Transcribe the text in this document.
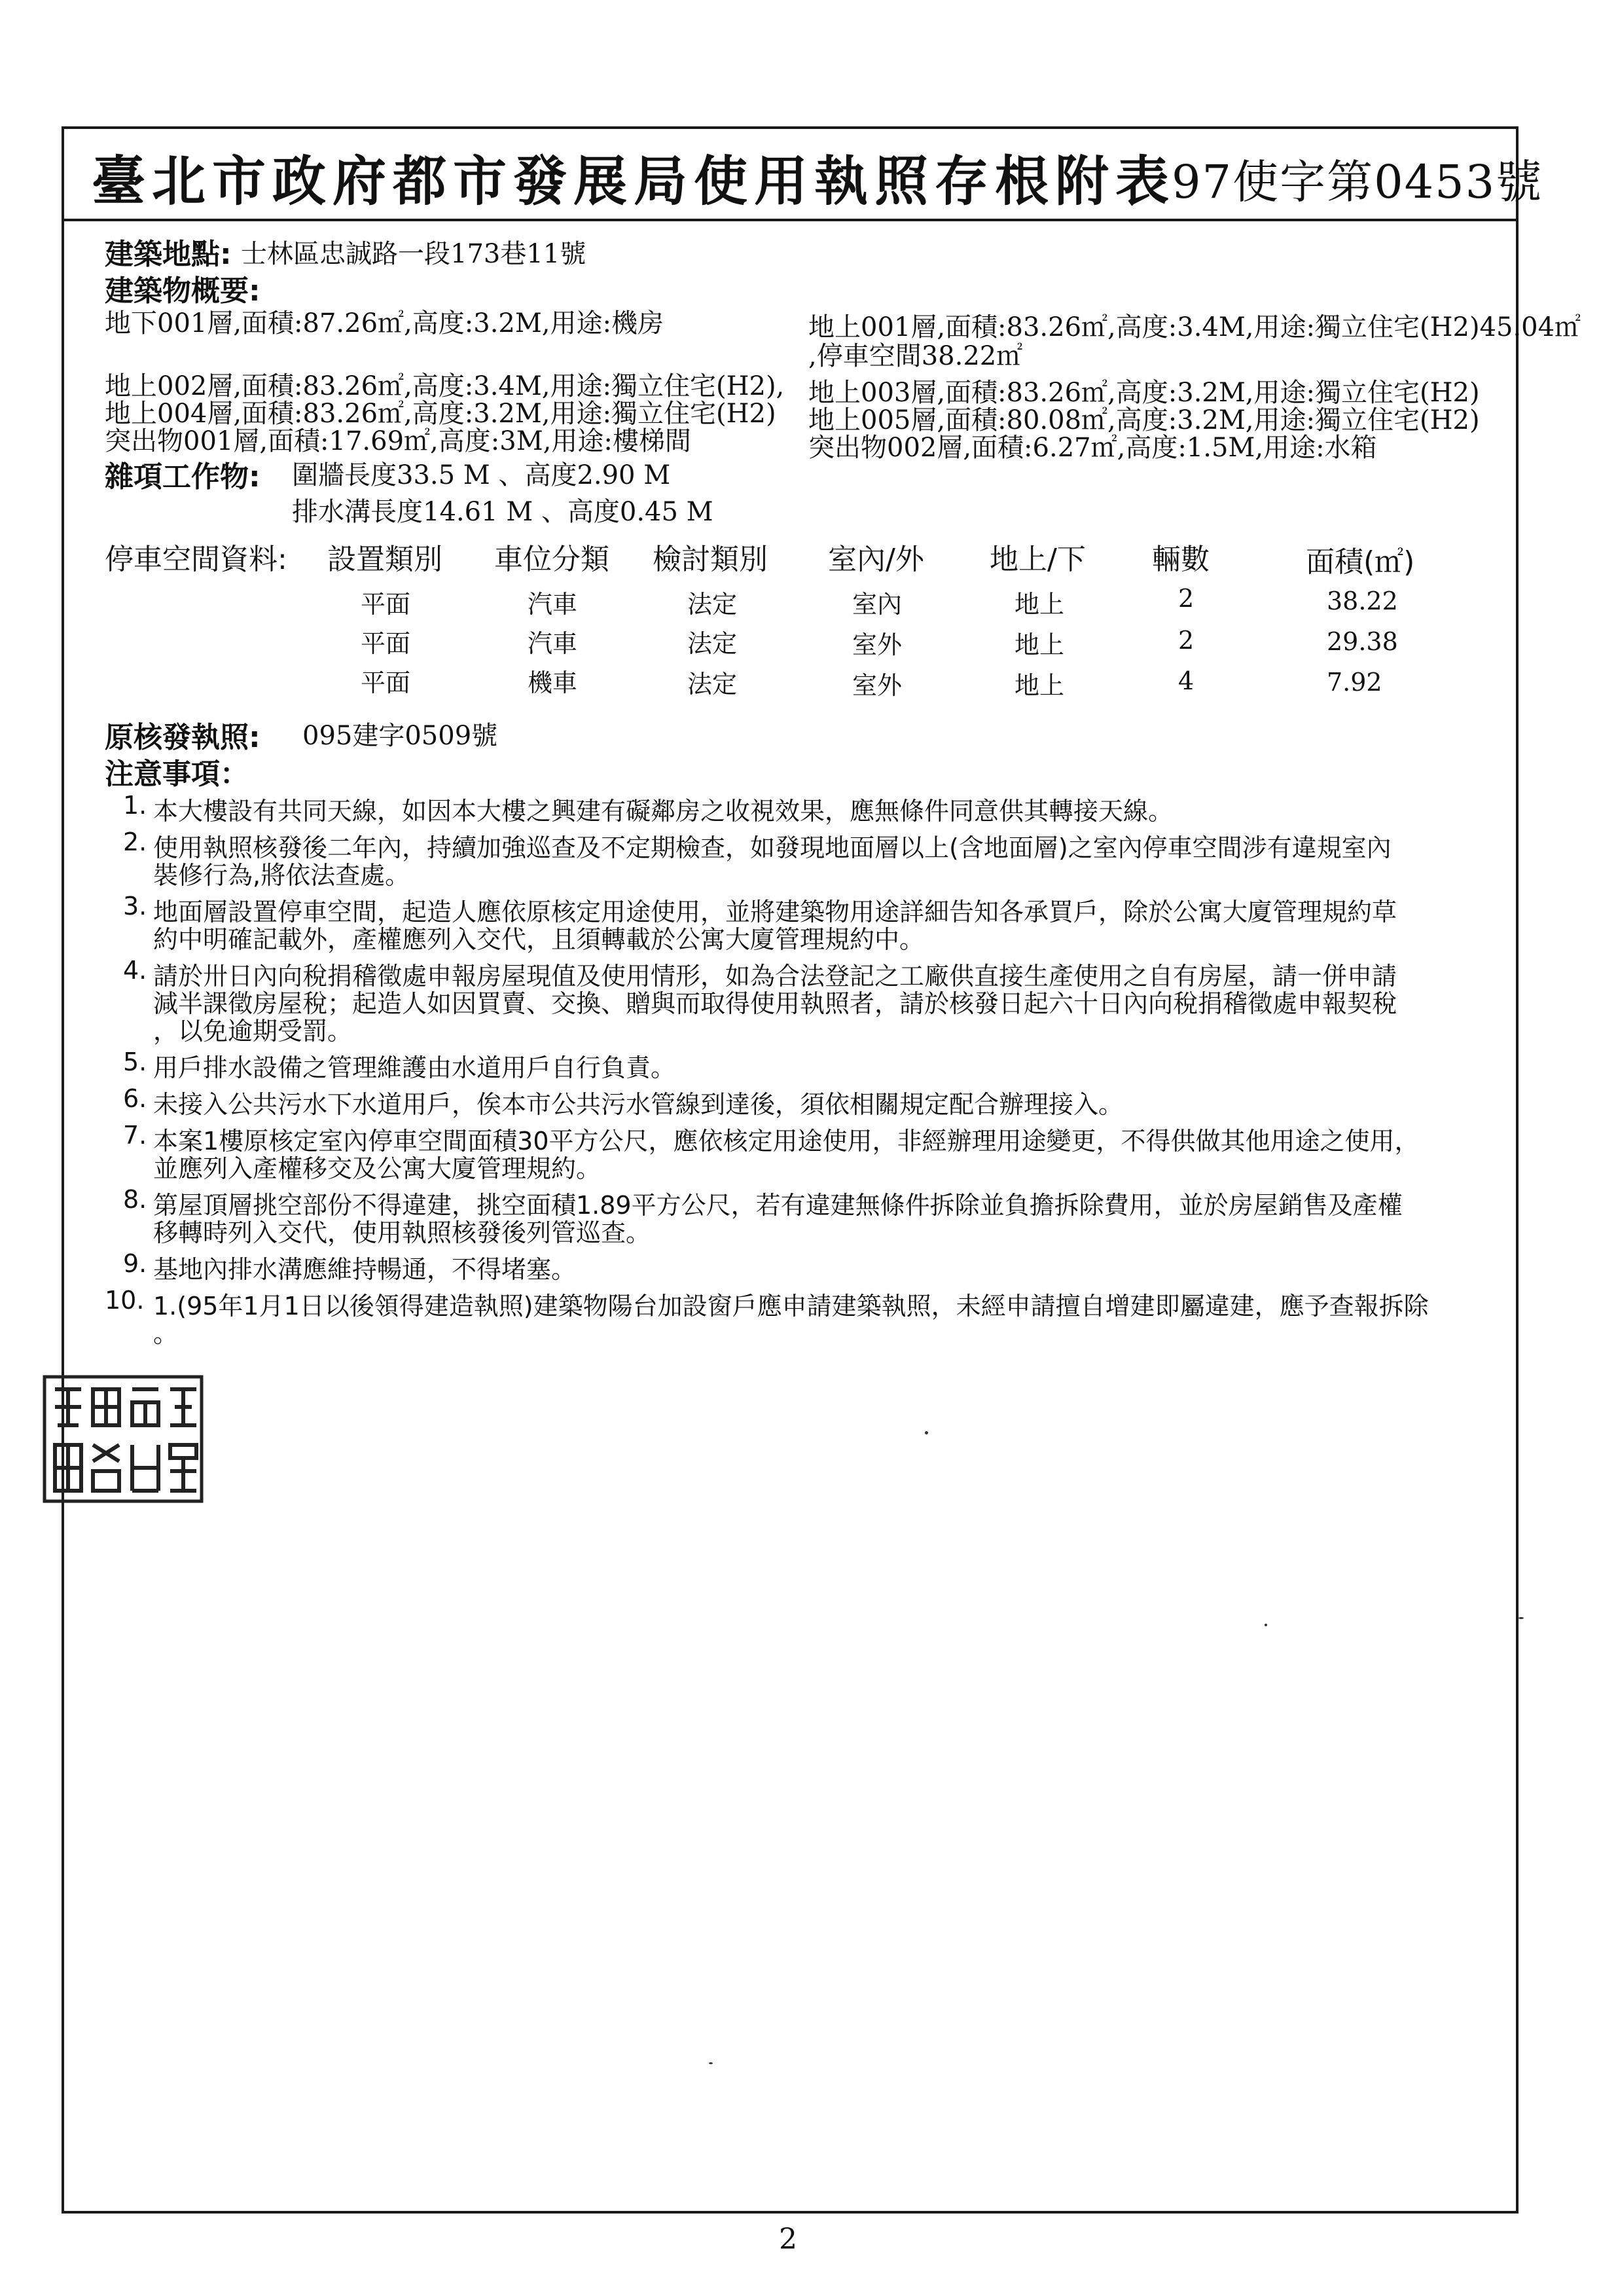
臺北市政府都市發展局使用執照存根附表
97使字第0453號
建築地點: 士林區忠誠路一段173巷11號
建築物概要:
地下001層,面積:87.26㎡,高度:3.2M,用途:機房
地上002層,面積:83.26㎡,高度:3.4M,用途:獨立住宅(H2),
地上004層,面積:83.26㎡,高度:3.2M,用途:獨立住宅(H2)
突出物001層,面積:17.69㎡,高度:3M,用途:樓梯間
地上001層,面積:83.26㎡,高度:3.4M,用途:獨立住宅(H2)45.04㎡
,停車空間38.22㎡
地上003層,面積:83.26㎡,高度:3.2M,用途:獨立住宅(H2)
地上005層,面積:80.08㎡,高度:3.2M,用途:獨立住宅(H2)
突出物002層,面積:6.27㎡,高度:1.5M,用途:水箱
雜項工作物: 圍牆長度33.5 M 、高度2.90 M
排水溝長度14.61 M 、高度0.45 M
停車空間資料: 設置類別 車位分類 檢討類別 室內/外 地上/下 輛數	面積(㎡)
平面	汽車	法定	室內	地上	2	38.22
平面	汽車	法定	室外	地上	2	29.38
平面	機車	法定	室外	地上	4	7.92
原核發執照: 095建字0509號
注意事項：
1. 本大樓設有共同天線，如因本大樓之興建有礙鄰房之收視效果，應無條件同意供其轉接天線。
2. 使用執照核發後二年內，持續加強巡查及不定期檢查，如發現地面層以上(含地面層)之室內停車空間涉有違規室內
裝修行為,將依法查處。
3. 地面層設置停車空間，起造人應依原核定用途使用，並將建築物用途詳細告知各承買戶，除於公寓大廈管理規約草
約中明確記載外，產權應列入交代，且須轉載於公寓大廈管理規約中。
4. 請於卅日內向稅捐稽徵處申報房屋現值及使用情形，如為合法登記之工廠供直接生產使用之自有房屋，請一併申請
減半課徵房屋稅；起造人如因買賣、交換、贈與而取得使用執照者，請於核發日起六十日內向稅捐稽徵處申報契稅
，以免逾期受罰。
5. 用戶排水設備之管理維護由水道用戶自行負責。
6. 未接入公共污水下水道用戶，俟本市公共污水管線到達後，須依相關規定配合辦理接入。
7. 本案1樓原核定室內停車空間面積30平方公尺，應依核定用途使用，非經辦理用途變更，不得供做其他用途之使用，
並應列入產權移交及公寓大廈管理規約。
8. 第屋頂層挑空部份不得違建，挑空面積1.89平方公尺，若有違建無條件拆除並負擔拆除費用，並於房屋銷售及產權
移轉時列入交代，使用執照核發後列管巡查。
9. 基地內排水溝應維持暢通，不得堵塞。
10. 1.(95年1月1日以後領得建造執照)建築物陽台加設窗戶應申請建築執照，未經申請擅自增建即屬違建，應予查報拆除
。
2
